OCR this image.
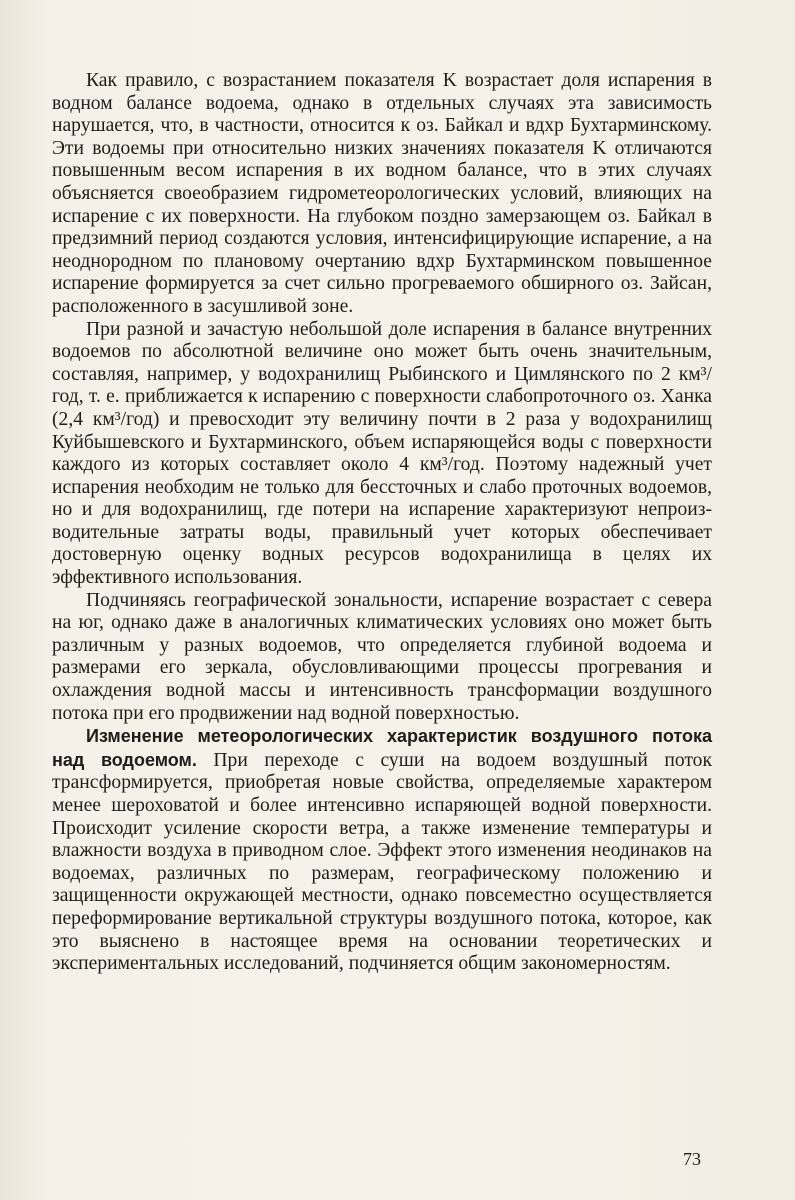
Как правило, с возрастанием показателя K возрастает доля испарения в водном балансе водоема, однако в отдельных случаях эта зависимость нарушается, что, в частности, относится к оз. Байкал и вдхр Бухтарминскому. Эти водоемы при относительно низких значениях показателя K отличаются повышенным весом испарения в их водном балансе, что в этих случаях объясняется своеобразием гидрометеорологических условий, влияющих на испарение с их поверхности. На глубоком поздно замерзающем оз. Байкал в предзимний период создаются условия, интенсифицирующие испарение, а на неоднородном по плановому очертанию вдхр Бухтарминском повышенное испарение формируется за счет сильно прогреваемого обширного оз. Зайсан, расположенного в засушливой зоне.

При разной и зачастую небольшой доле испарения в балансе внутренних водоемов по абсолютной величине оно может быть очень значительным, составляя, например, у водохранилищ Рыбинского и Цимлянского по 2 км³/год, т. е. приближается к испарению с поверхности слабопроточного оз. Ханка (2,4 км³/год) и превосходит эту величину почти в 2 раза у водохранилищ Куйбышевского и Бухтарминского, объем испаряющейся воды с поверхности каждого из которых составляет около 4 км³/год. Поэтому надежный учет испарения необходим не только для бессточных и слабо проточных водоемов, но и для водохранилищ, где потери на испарение характеризуют непроизводительные затраты воды, правильный учет которых обеспечивает достоверную оценку водных ресурсов водохранилища в целях их эффективного использования.

Подчиняясь географической зональности, испарение возрастает с севера на юг, однако даже в аналогичных климатических условиях оно может быть различным у разных водоемов, что определяется глубиной водоема и размерами его зеркала, обусловливающими процессы прогревания и охлаждения водной массы и интенсивность трансформации воздушного потока при его продвижении над водной поверхностью.

Изменение метеорологических характеристик воздушного потока над водоемом. При переходе с суши на водоем воздушный поток трансформируется, приобретая новые свойства, определяемые характером менее шероховатой и более интенсивно испаряющей водной поверхности. Происходит усиление скорости ветра, а также изменение температуры и влажности воздуха в приводном слое. Эффект этого изменения неодинаков на водоемах, различных по размерам, географическому положению и защищенности окружающей местности, однако повсеместно осуществляется переформирование вертикальной структуры воздушного потока, которое, как это выяснено в настоящее время на основании теоретических и экспериментальных исследований, подчиняется общим закономерностям.

73
